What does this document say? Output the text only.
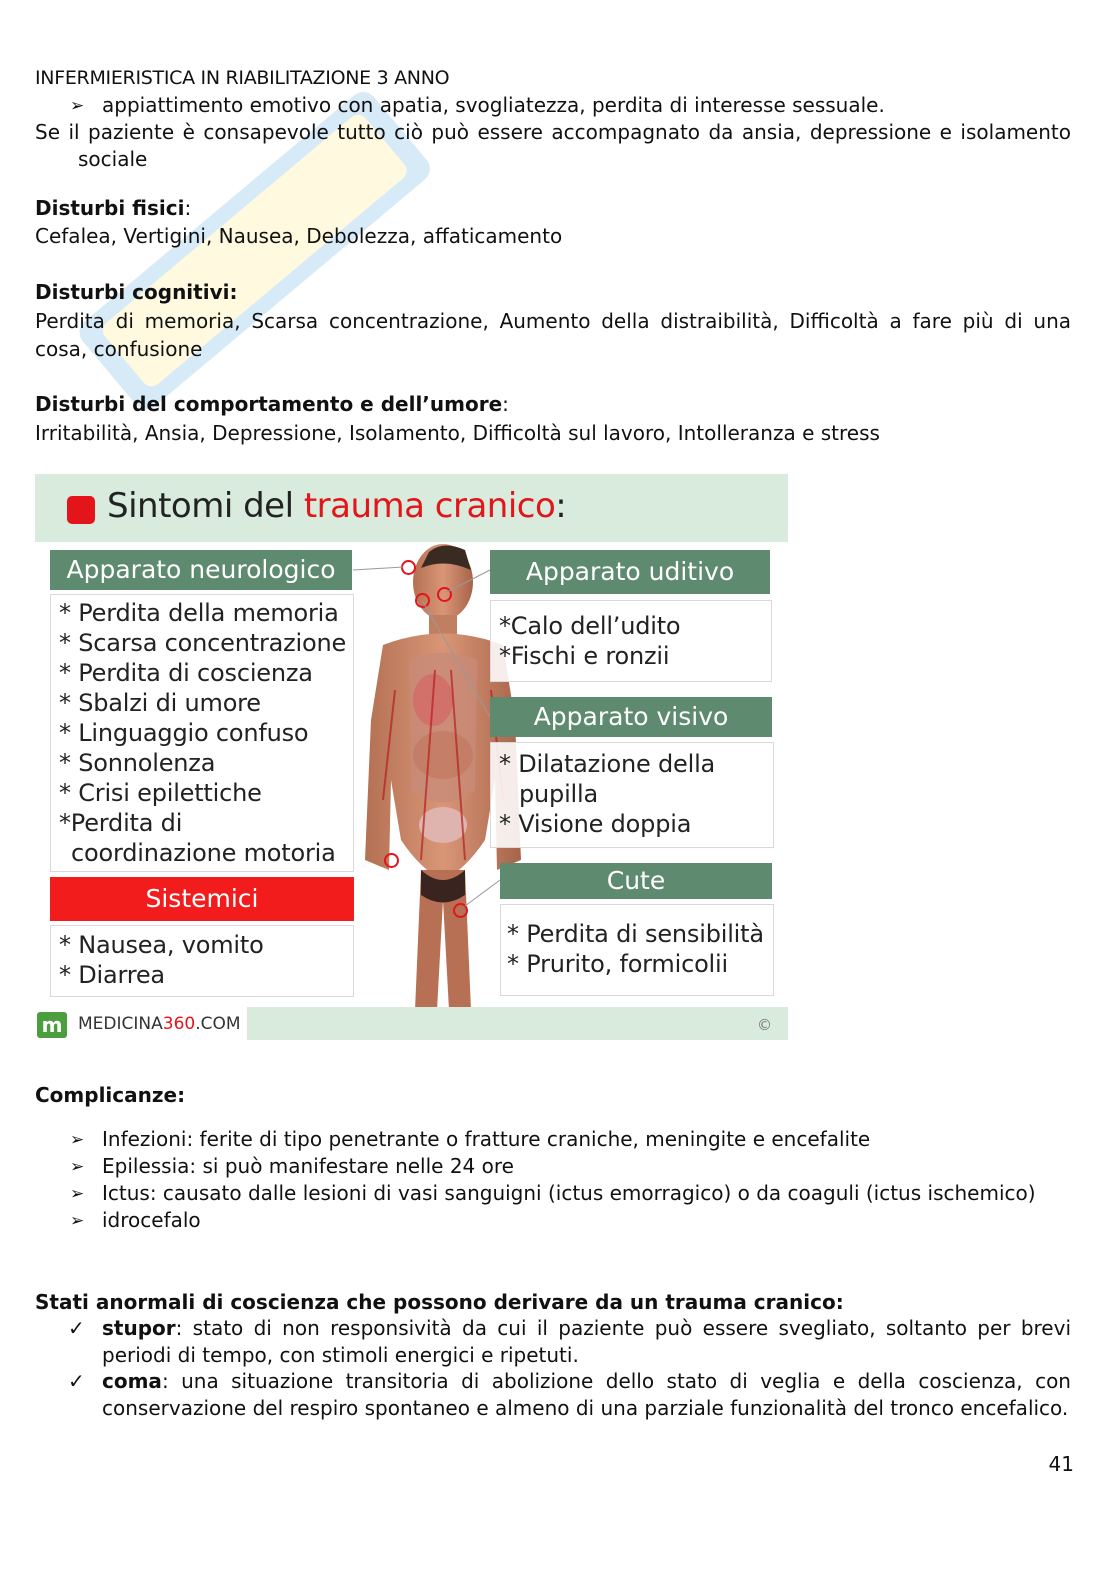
INFERMIERISTICA IN RIABILITAZIONE 3 ANNO
➢ appiattimento emotivo con apatia, svogliatezza, perdita di interesse sessuale.
Se il paziente è consapevole tutto ciò può essere accompagnato da ansia, depressione e isolamento sociale
Disturbi fisici:
Cefalea, Vertigini, Nausea, Debolezza, affaticamento
Disturbi cognitivi:
Perdita di memoria, Scarsa concentrazione, Aumento della distraibilità, Difficoltà a fare più di una cosa, confusione
Disturbi del comportamento e dell’umore:
Irritabilità, Ansia, Depressione, Isolamento, Difficoltà sul lavoro, Intolleranza e stress
Sintomi del trauma cranico:
Apparato neurologico
* Perdita della memoria
* Scarsa concentrazione
* Perdita di coscienza
* Sbalzi di umore
* Linguaggio confuso
* Sonnolenza
* Crisi epilettiche
*Perdita di
coordinazione motoria
Sistemici
* Nausea, vomito
* Diarrea
Apparato uditivo
*Calo dell’udito
*Fischi e ronzii
Apparato visivo
* Dilatazione della
pupilla
* Visione doppia
Cute
* Perdita di sensibilità
* Prurito, formicolii
m MEDICINA360.COM	©
Complicanze:
➢ Infezioni: ferite di tipo penetrante o fratture craniche, meningite e encefalite
➢ Epilessia: si può manifestare nelle 24 ore
➢ Ictus: causato dalle lesioni di vasi sanguigni (ictus emorragico) o da coaguli (ictus ischemico)
➢ idrocefalo
Stati anormali di coscienza che possono derivare da un trauma cranico:
✓ stupor: stato di non responsività da cui il paziente può essere svegliato, soltanto per brevi periodi di tempo, con stimoli energici e ripetuti.
✓ coma: una situazione transitoria di abolizione dello stato di veglia e della coscienza, con conservazione del respiro spontaneo e almeno di una parziale funzionalità del tronco encefalico.
41
